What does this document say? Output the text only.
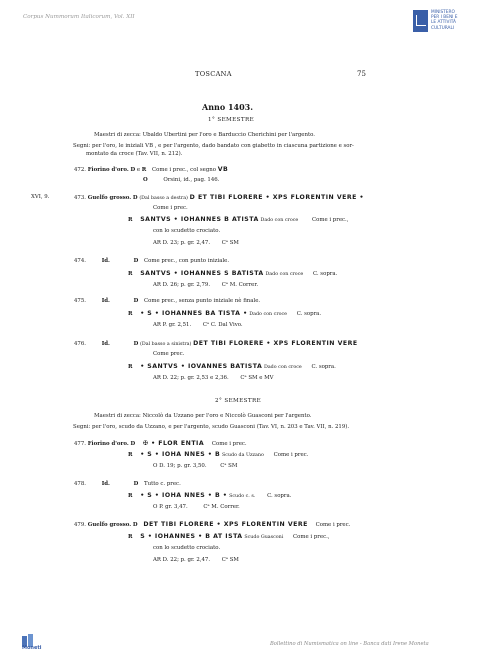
Corpus Nummorum Italicorum, Vol. XII
MINISTERO
PER I BENI E
LE ATTIVITÀ
CULTURALI
TOSCANA	75
Anno 1403.
1° SEMESTRE
Maestri di zecca: Ubaldo Ubertini per l'oro e Barduccio Cherichini per l'argento.
Segni: per l'oro, le iniziali VB , e per l'argento, dado bandato con giabetto in ciascuna partizione e sor-
montato da croce (Tav. VII, n. 212).
472. Fiorino d'oro. D e R Come i prec., col segno VB
O	Orsini, id., pag. 146.
XVI, 9.	473. Guelfo grosso. D (Dal basso a destra) D ET TIBI FLORERE • XPS FLORENTIN VERE •
Come i prec.
R SANTVS • IOHANNES B ATISTA Dado con croce	Come i prec.,
con lo scudetto crociato.
AR D. 23; p. gr. 2,47. Cᵃ SM
474.	Id.	D Come prec., con punto iniziale.
R SANTVS • IOHANNES S BATISTA Dado con croce C. sopra.
AR D. 26; p. gr. 2,79. Cᵃ M. Correr.
475.	Id.	D Come prec., senza punto iniziale nè finale.
R • S • IOHANNES BA TISTA • Dado con croce C. sopra.
AR P. gr. 2,51. Cᵃ C. Dal Vivo.
476.	Id.	D (Dal basso a sinistra) DET TIBI FLORERE • XPS FLORENTIN VERE
Come prec.
R • SANTVS • IOVANNES BATISTA Dado con croce C. sopra.
AR D. 22; p. gr. 2,53 e 2,36. Cᵃ SM e MV
2° SEMESTRE
Maestri di zecca: Niccolò da Uzzano per l'oro e Niccolò Guasconi per l'argento.
Segni: per l'oro, scudo da Uzzano, e per l'argento, scudo Guasconi (Tav. VI, n. 203 e Tav. VII, n. 219).
477. Fiorino d'oro. D ✠ • FLOR ENTIA Come i prec.
R • S • IOHA NNES • B Scudo da Uzzano Come i prec.
O D. 19; p. gr. 3,50.	Cᵃ SM
478.	Id.	D Tutto c. prec.
R • S • IOHA NNES • B • Scudo c. s. C. sopra.
O P. gr. 3,47.	Cᵃ M. Correr.
479. Guelfo grosso. D DET TIBI FLORERE • XPS FLORENTIN VERE Come i prec.
R S • IOHANNES • B AT ISTA Scudo Guasconi Come i prec.,
con lo scudetto crociato.
AR D. 22; p. gr. 2,47. Cᵃ SM
Moneti
Bollettino di Numismatica on line - Banca dati Irene Moneta
